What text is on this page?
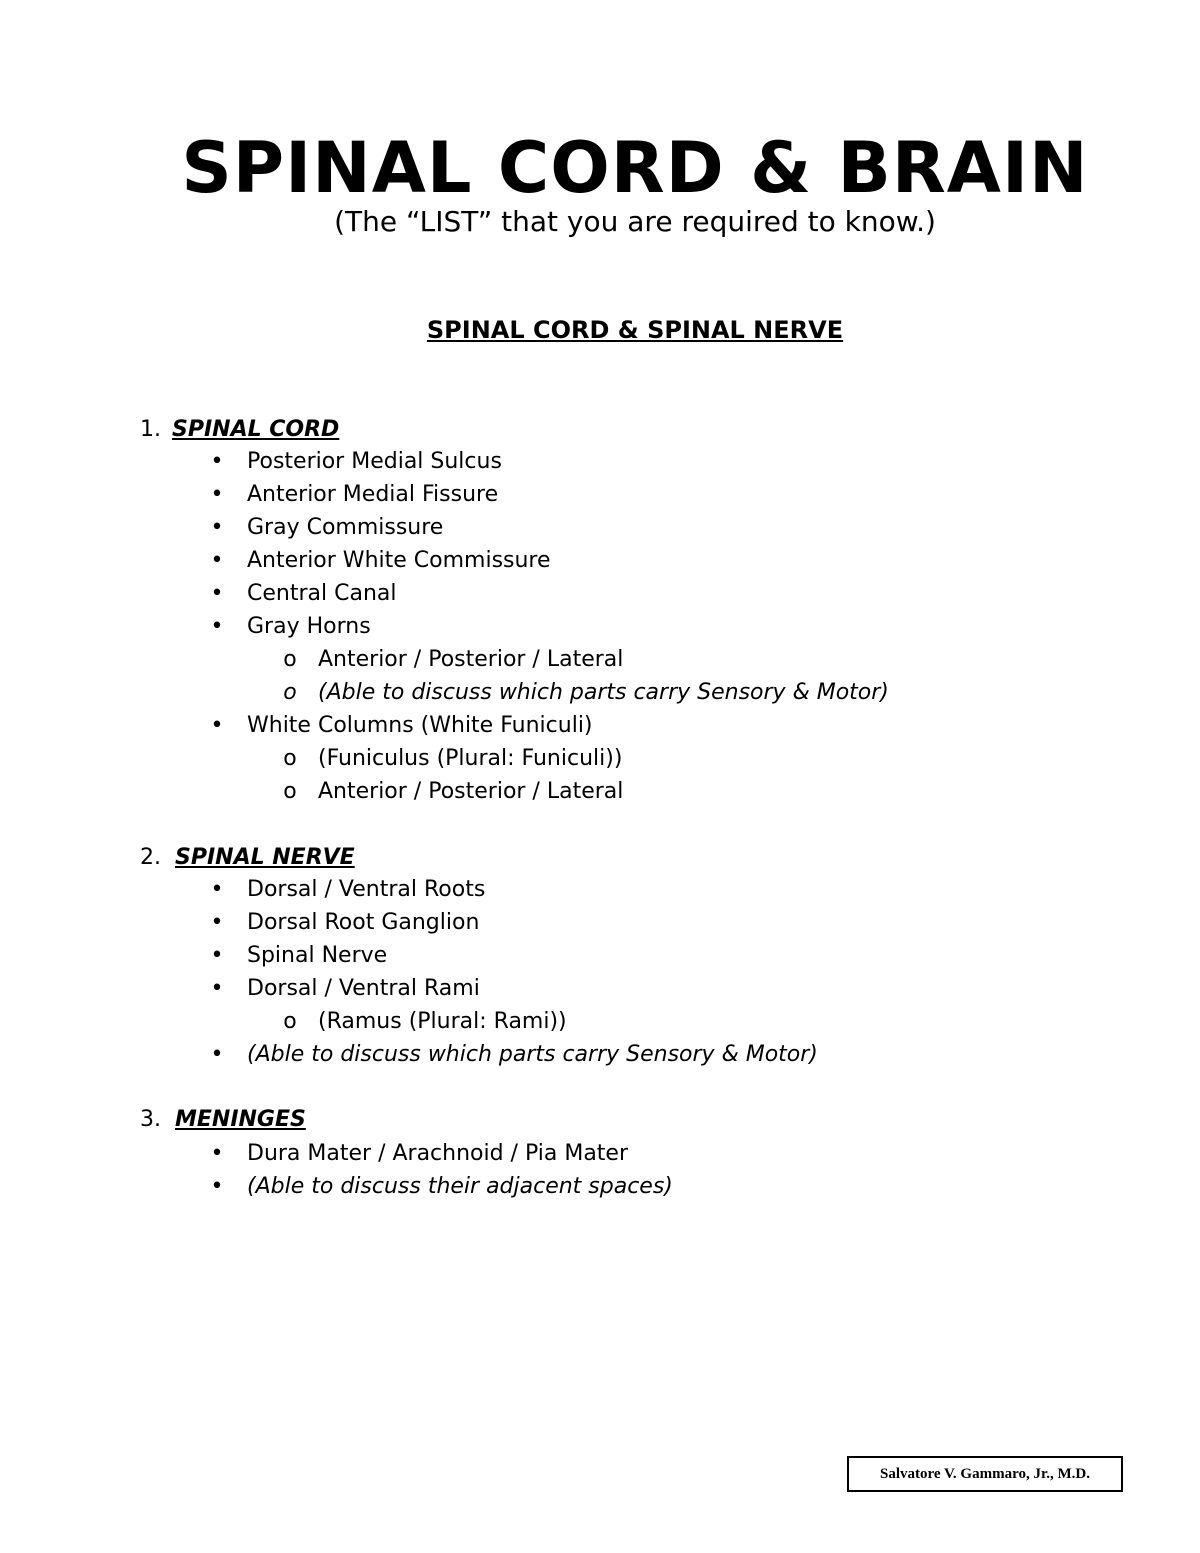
SPINAL CORD & BRAIN

(The “LIST” that you are required to know.)

SPINAL CORD & SPINAL NERVE
1. SPINAL CORD
• Posterior Medial Sulcus
• Anterior Medial Fissure
• Gray Commissure
• Anterior White Commissure
• Central Canal
• Gray Horns
o Anterior / Posterior / Lateral
o (Able to discuss which parts carry Sensory & Motor)
• White Columns (White Funiculi)
o (Funiculus (Plural: Funiculi))
o Anterior / Posterior / Lateral
2. SPINAL NERVE
• Dorsal / Ventral Roots
• Dorsal Root Ganglion
• Spinal Nerve
• Dorsal / Ventral Rami
o (Ramus (Plural: Rami))
• (Able to discuss which parts carry Sensory & Motor)
3. MENINGES
• Dura Mater / Arachnoid / Pia Mater
• (Able to discuss their adjacent spaces)
Salvatore V. Gammaro, Jr., M.D.
